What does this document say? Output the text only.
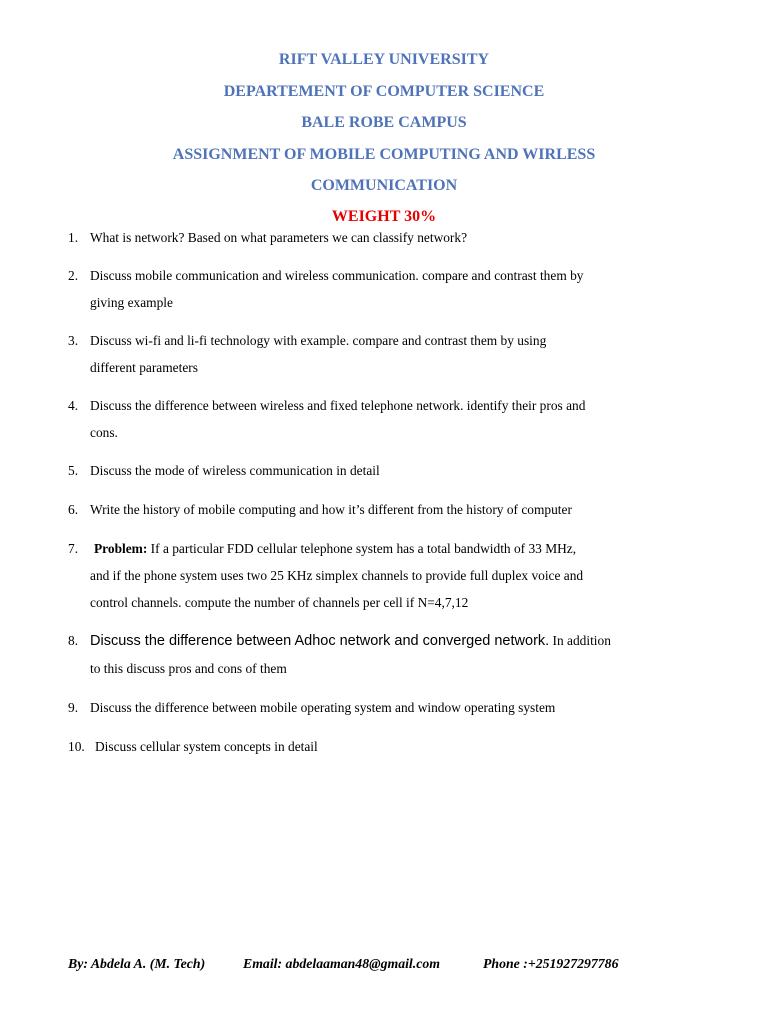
RIFT VALLEY UNIVERSITY
DEPARTEMENT OF COMPUTER SCIENCE
BALE ROBE CAMPUS
ASSIGNMENT OF MOBILE COMPUTING AND WIRLESS
COMMUNICATION
WEIGHT 30%
1. What is network? Based on what parameters we can classify network?
2. Discuss mobile communication and wireless communication. compare and contrast them by
giving example
3. Discuss wi-fi and li-fi technology with example. compare and contrast them by using
different parameters
4. Discuss the difference between wireless and fixed telephone network. identify their pros and
cons.
5. Discuss the mode of wireless communication in detail
6. Write the history of mobile computing and how it’s different from the history of computer
7. Problem: If a particular FDD cellular telephone system has a total bandwidth of 33 MHz,
and if the phone system uses two 25 KHz simplex channels to provide full duplex voice and
control channels. compute the number of channels per cell if N=4,7,12
8. Discuss the difference between Adhoc network and converged network. In addition
to this discuss pros and cons of them
9. Discuss the difference between mobile operating system and window operating system
10. Discuss cellular system concepts in detail
By: Abdela A. (M. Tech)	Email: abdelaaman48@gmail.com	Phone :+251927297786
